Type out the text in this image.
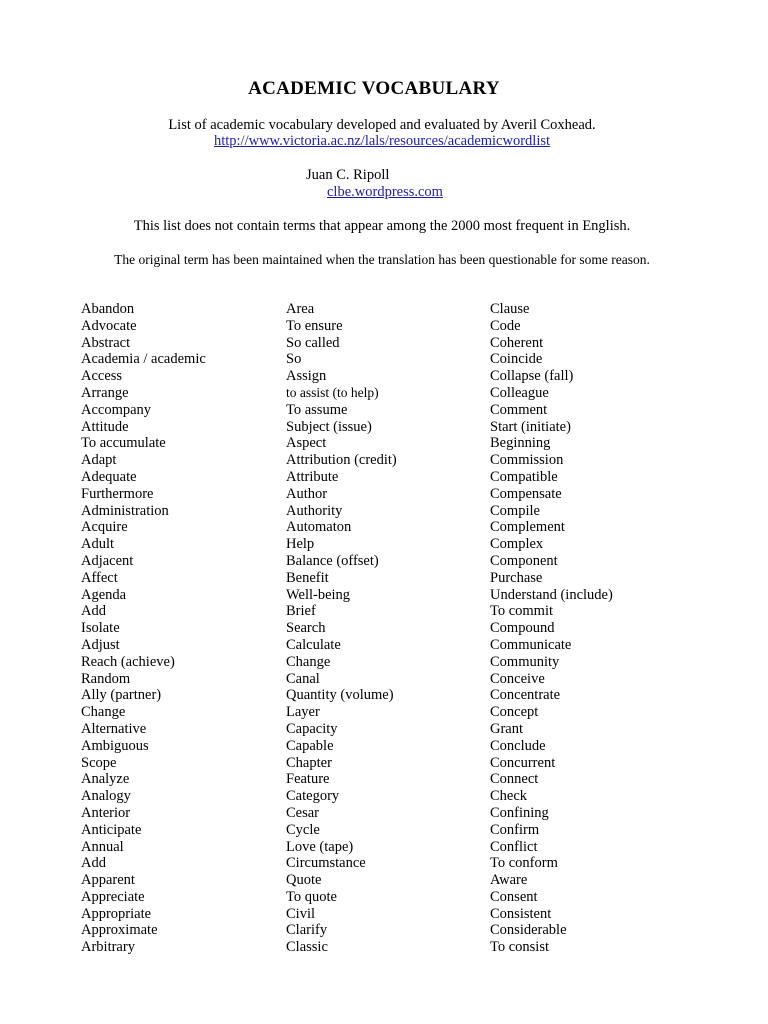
ACADEMIC VOCABULARY
List of academic vocabulary developed and evaluated by Averil Coxhead.
http://www.victoria.ac.nz/lals/resources/academicwordlist
Juan C. Ripoll
clbe.wordpress.com
This list does not contain terms that appear among the 2000 most frequent in English.
The original term has been maintained when the translation has been questionable for some reason.
Abandon
Advocate
Abstract
Academia / academic
Access
Arrange
Accompany
Attitude
To accumulate
Adapt
Adequate
Furthermore
Administration
Acquire
Adult
Adjacent
Affect
Agenda
Add
Isolate
Adjust
Reach (achieve)
Random
Ally (partner)
Change
Alternative
Ambiguous
Scope
Analyze
Analogy
Anterior
Anticipate
Annual
Add
Apparent
Appreciate
Appropriate
Approximate
Arbitrary
Area
To ensure
So called
So
Assign
to assist (to help)
To assume
Subject (issue)
Aspect
Attribution (credit)
Attribute
Author
Authority
Automaton
Help
Balance (offset)
Benefit
Well-being
Brief
Search
Calculate
Change
Canal
Quantity (volume)
Layer
Capacity
Capable
Chapter
Feature
Category
Cesar
Cycle
Love (tape)
Circumstance
Quote
To quote
Civil
Clarify
Classic
Clause
Code
Coherent
Coincide
Collapse (fall)
Colleague
Comment
Start (initiate)
Beginning
Commission
Compatible
Compensate
Compile
Complement
Complex
Component
Purchase
Understand (include)
To commit
Compound
Communicate
Community
Conceive
Concentrate
Concept
Grant
Conclude
Concurrent
Connect
Check
Confining
Confirm
Conflict
To conform
Aware
Consent
Consistent
Considerable
To consist
